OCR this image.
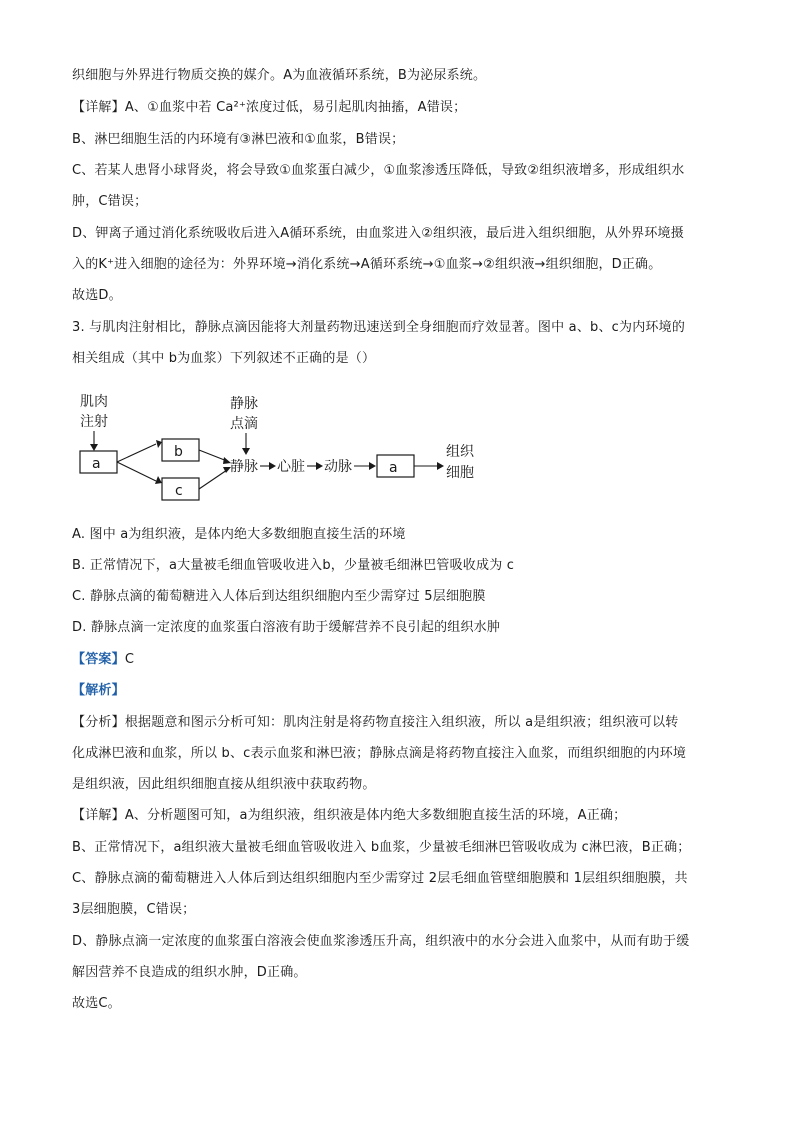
织细胞与外界进行物质交换的媒介。A为血液循环系统，B为泌尿系统。
【详解】A、①血浆中若 Ca²⁺浓度过低，易引起肌肉抽搐，A错误；
B、淋巴细胞生活的内环境有③淋巴液和①血浆，B错误；
C、若某人患肾小球肾炎，将会导致①血浆蛋白减少，①血浆渗透压降低，导致②组织液增多，形成组织水
肿，C错误；
D、钾离子通过消化系统吸收后进入A循环系统，由血浆进入②组织液，最后进入组织细胞，从外界环境摄
入的K⁺进入细胞的途径为：外界环境→消化系统→A循环系统→①血浆→②组织液→组织细胞，D正确。
故选D。
3. 与肌肉注射相比，静脉点滴因能将大剂量药物迅速送到全身细胞而疗效显著。图中 a、b、c为内环境的
相关组成（其中 b为血浆）下列叙述不正确的是（）
肌肉
注射
a
b
c
静脉
点滴
静脉 心脏 动脉	a
组织
细胞
A. 图中 a为组织液，是体内绝大多数细胞直接生活的环境
B. 正常情况下，a大量被毛细血管吸收进入b，少量被毛细淋巴管吸收成为 c
C. 静脉点滴的葡萄糖进入人体后到达组织细胞内至少需穿过 5层细胞膜
D. 静脉点滴一定浓度的血浆蛋白溶液有助于缓解营养不良引起的组织水肿
【答案】C
【解析】
【分析】根据题意和图示分析可知：肌肉注射是将药物直接注入组织液，所以 a是组织液；组织液可以转
化成淋巴液和血浆，所以 b、c表示血浆和淋巴液；静脉点滴是将药物直接注入血浆，而组织细胞的内环境
是组织液，因此组织细胞直接从组织液中获取药物。
【详解】A、分析题图可知，a为组织液，组织液是体内绝大多数细胞直接生活的环境，A正确；
B、正常情况下，a组织液大量被毛细血管吸收进入 b血浆，少量被毛细淋巴管吸收成为 c淋巴液，B正确；
C、静脉点滴的葡萄糖进入人体后到达组织细胞内至少需穿过 2层毛细血管壁细胞膜和 1层组织细胞膜，共
3层细胞膜，C错误；
D、静脉点滴一定浓度的血浆蛋白溶液会使血浆渗透压升高，组织液中的水分会进入血浆中，从而有助于缓
解因营养不良造成的组织水肿，D正确。
故选C。
